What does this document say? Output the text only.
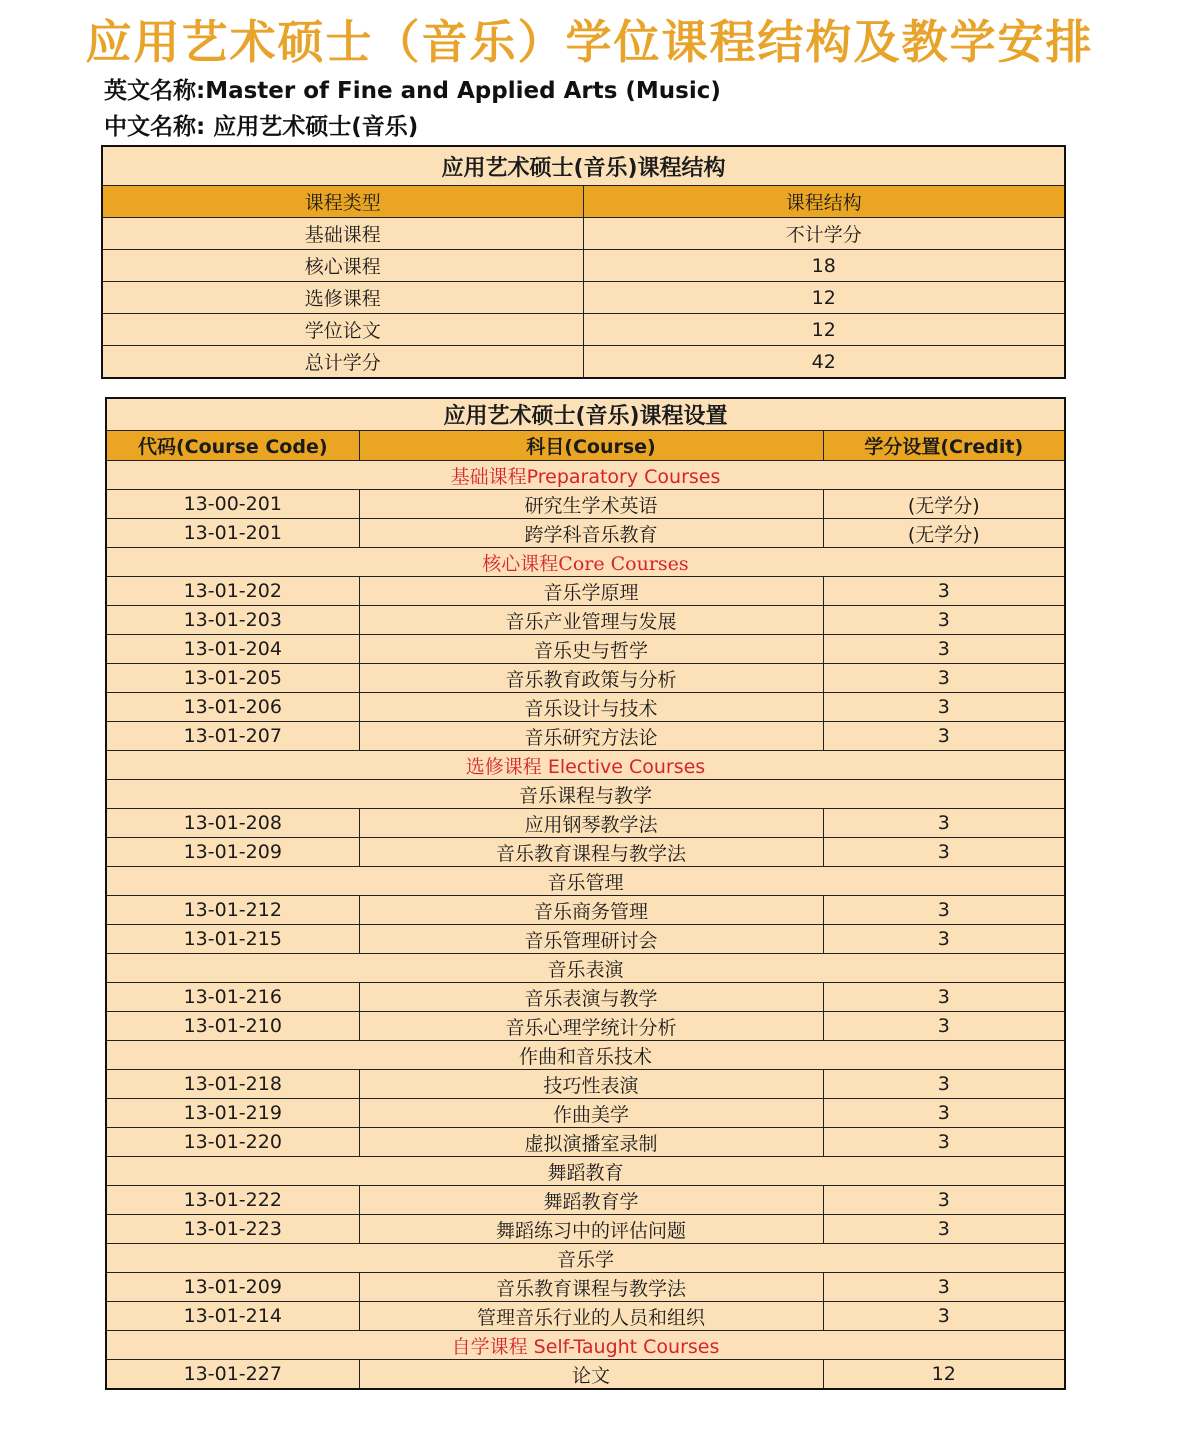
应用艺术硕士（音乐）学位课程结构及教学安排
英文名称:Master of Fine and Applied Arts (Music)
中文名称: 应用艺术硕士(音乐)
应用艺术硕士(音乐)课程结构	
课程类型	课程结构
基础课程	不计学分
核心课程	18
选修课程	12
学位论文	12
总计学分	42
应用艺术硕士(音乐)课程设置		
代码(Course Code)	科目(Course)	学分设置(Credit)
基础课程Preparatory Courses		
13-00-201	研究生学术英语	(无学分)
13-01-201	跨学科音乐教育	(无学分)
核心课程Core Courses		
13-01-202	音乐学原理	3
13-01-203	音乐产业管理与发展	3
13-01-204	音乐史与哲学	3
13-01-205	音乐教育政策与分析	3
13-01-206	音乐设计与技术	3
13-01-207	音乐研究方法论	3
选修课程 Elective Courses		
音乐课程与教学		
13-01-208	应用钢琴教学法	3
13-01-209	音乐教育课程与教学法	3
音乐管理		
13-01-212	音乐商务管理	3
13-01-215	音乐管理研讨会	3
音乐表演		
13-01-216	音乐表演与教学	3
13-01-210	音乐心理学统计分析	3
作曲和音乐技术		
13-01-218	技巧性表演	3
13-01-219	作曲美学	3
13-01-220	虚拟演播室录制	3
舞蹈教育		
13-01-222	舞蹈教育学	3
13-01-223	舞蹈练习中的评估问题	3
音乐学		
13-01-209	音乐教育课程与教学法	3
13-01-214	管理音乐行业的人员和组织	3
自学课程 Self-Taught Courses		
13-01-227	论文	12
